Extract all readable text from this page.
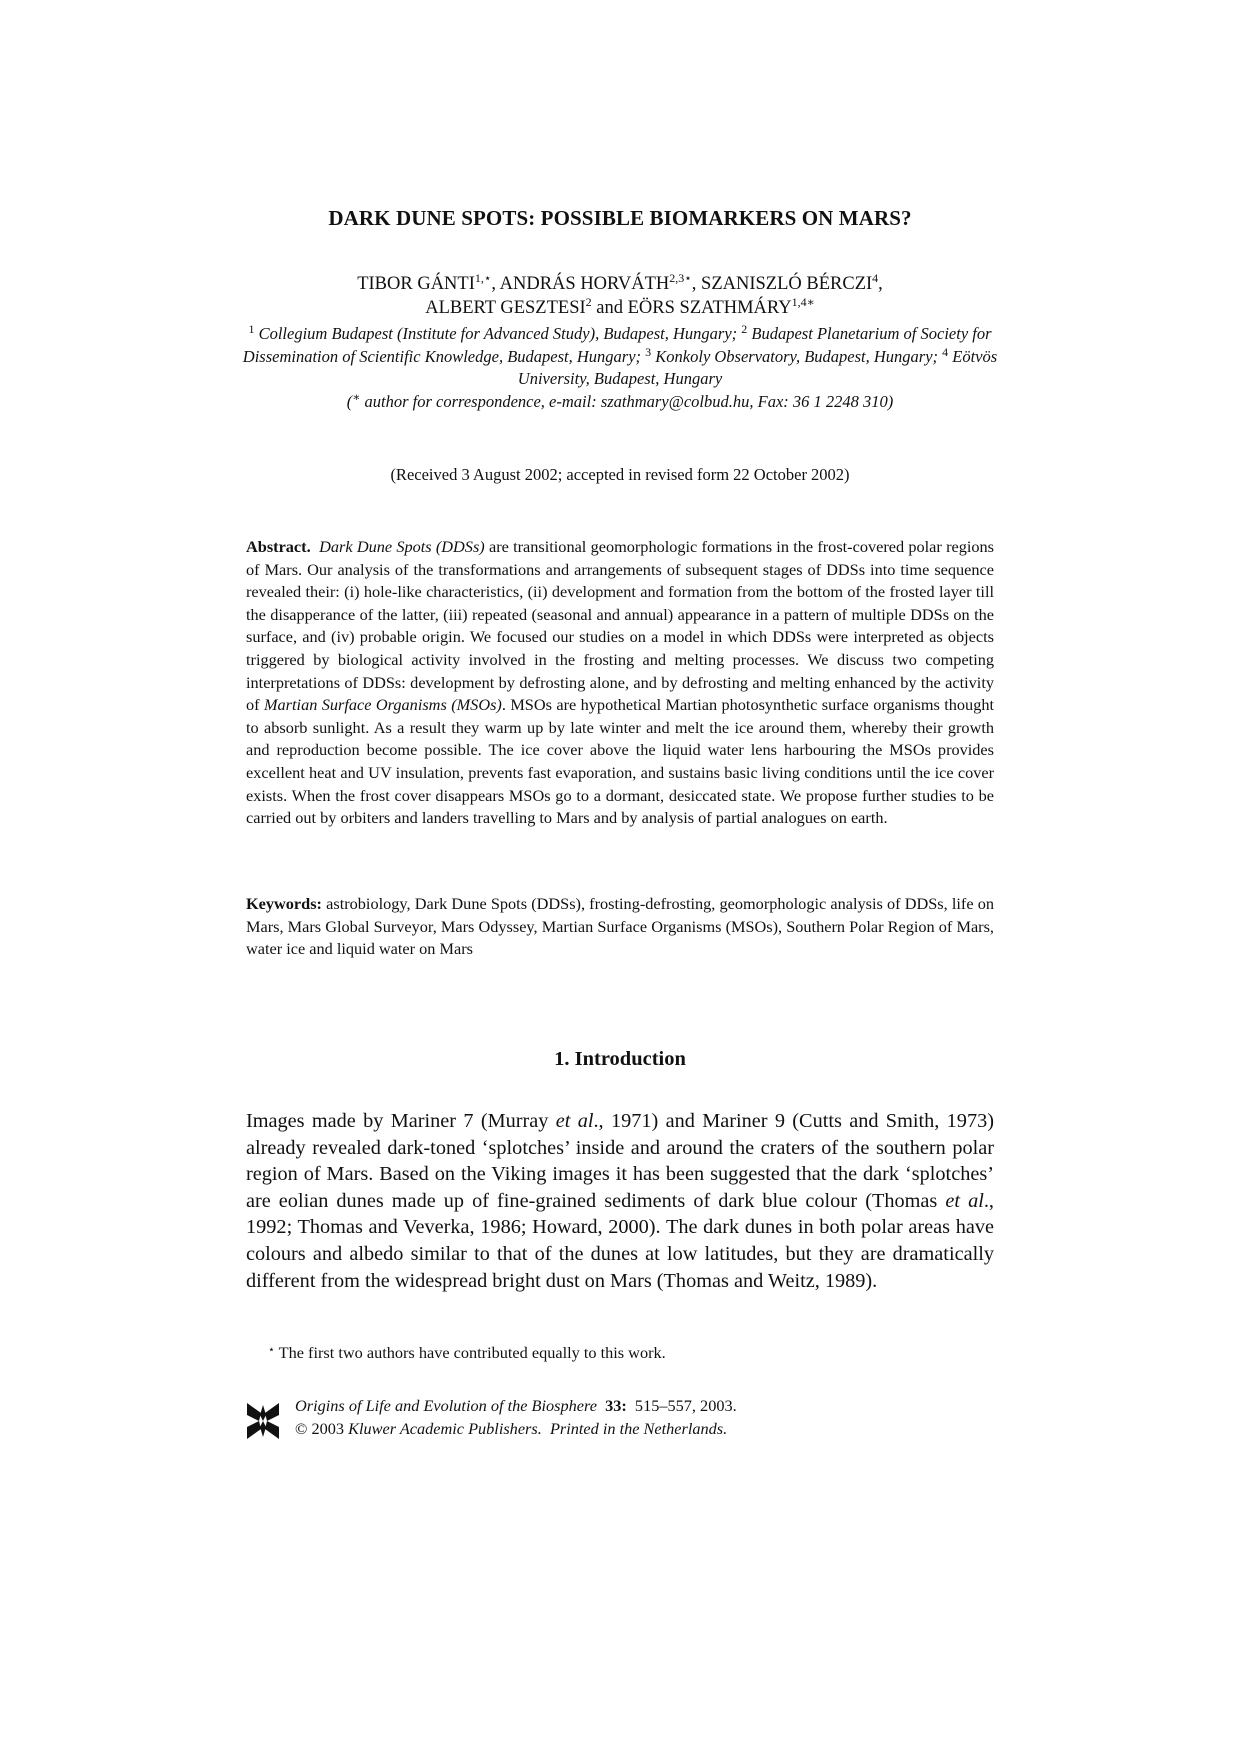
DARK DUNE SPOTS: POSSIBLE BIOMARKERS ON MARS?
TIBOR $GÁNTI^{1,⋆}$, ANDRÁS $HORVÁTH^{2,3⋆}$, SZANISZLÓ BÉRCZI$^4$,
ALBERT GESZTESI$^2$ and EÖRS $SZATHMÁRY^{1,4∗}$
$^1$ Collegium Budapest (Institute for Advanced Study), Budapest, Hungary; $^2$ Budapest Planetarium of Society for Dissemination of Scientific Knowledge, Budapest, Hungary; $^3$ Konkoly Observatory, Budapest, Hungary; $^4$ Eötvös University, Budapest, Hungary
(∗ author for correspondence, e-mail: szathmary@colbud.hu, Fax: 36 1 2248 310)
(Received 3 August 2002; accepted in revised form 22 October 2002)
Abstract. Dark Dune Spots (DDSs) are transitional geomorphologic formations in the frost-covered polar regions of Mars. Our analysis of the transformations and arrangements of subsequent stages of DDSs into time sequence revealed their: (i) hole-like characteristics, (ii) development and formation from the bottom of the frosted layer till the disapperance of the latter, (iii) repeated (seasonal and annual) appearance in a pattern of multiple DDSs on the surface, and (iv) probable origin. We focused our studies on a model in which DDSs were interpreted as objects triggered by biological activity involved in the frosting and melting processes. We discuss two competing interpretations of DDSs: development by defrosting alone, and by defrosting and melting enhanced by the activity of Martian Surface Organisms (MSOs). MSOs are hypothetical Martian photosynthetic surface organisms thought to absorb sunlight. As a result they warm up by late winter and melt the ice around them, whereby their growth and reproduction become possible. The ice cover above the liquid water lens harbouring the MSOs provides excellent heat and UV insulation, prevents fast evaporation, and sustains basic living conditions until the ice cover exists. When the frost cover disappears MSOs go to a dormant, desiccated state. We propose further studies to be carried out by orbiters and landers travelling to Mars and by analysis of partial analogues on earth.
Keywords: astrobiology, Dark Dune Spots (DDSs), frosting-defrosting, geomorphologic analysis of DDSs, life on Mars, Mars Global Surveyor, Mars Odyssey, Martian Surface Organisms (MSOs), Southern Polar Region of Mars, water ice and liquid water on Mars
1. Introduction
Images made by Mariner 7 (Murray et al., 1971) and Mariner 9 (Cutts and Smith, 1973) already revealed dark-toned ‘splotches’ inside and around the craters of the southern polar region of Mars. Based on the Viking images it has been suggested that the dark ‘splotches’ are eolian dunes made up of fine-grained sediments of dark blue colour (Thomas et al., 1992; Thomas and Veverka, 1986; Howard, 2000). The dark dunes in both polar areas have colours and albedo similar to that of the dunes at low latitudes, but they are dramatically different from the widespread bright dust on Mars (Thomas and Weitz, 1989).
⋆ The first two authors have contributed equally to this work.
Origins of Life and Evolution of the Biosphere 33: 515–557, 2003.
© 2003 Kluwer Academic Publishers. Printed in the Netherlands.
